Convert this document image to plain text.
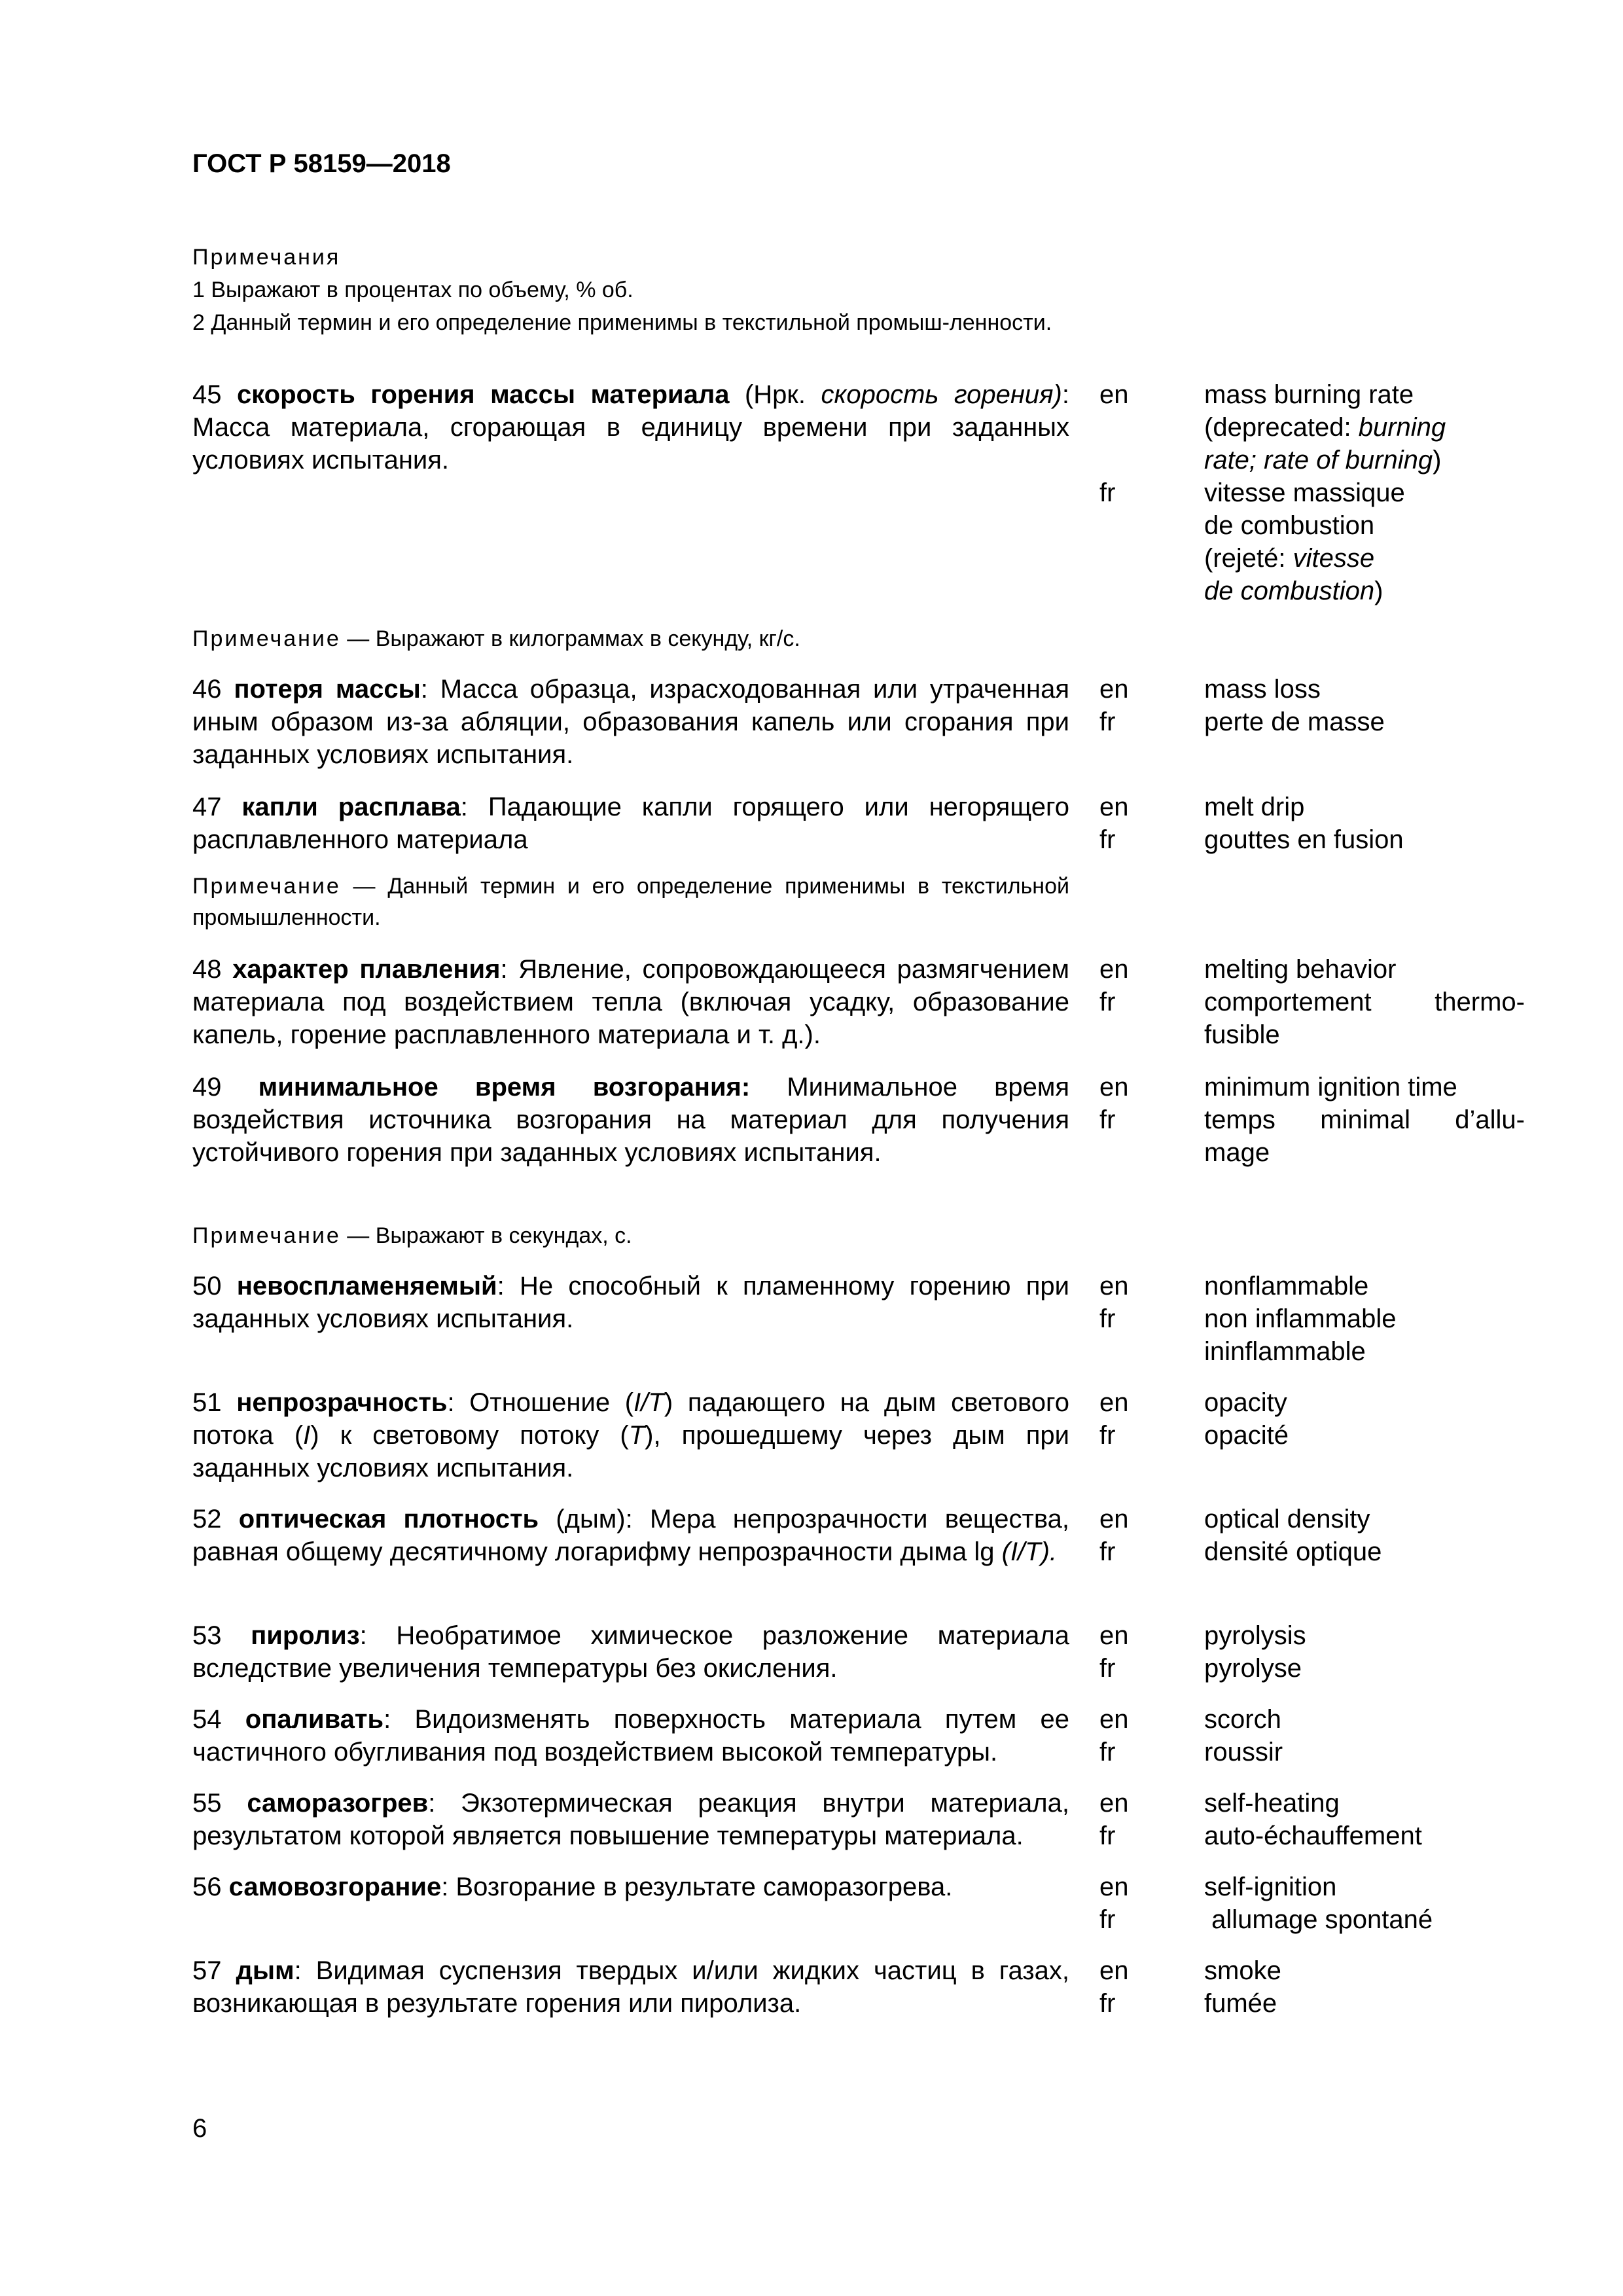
ГОСТ Р 58159—2018
Примечания
1 Выражают в процентах по объему, % об.
2 Данный термин и его определение применимы в текстильной промыш-ленности.
45 скорость горения массы материала (Нрк. скорость горения): Масса материала, сгорающая в единицу времени при заданных условиях испытания.
en
fr
mass burning rate
(deprecated: burning
rate; rate of burning)
vitesse massique
de combustion
(rejeté: vitesse
de combustion)
Примечание — Выражают в килограммах в секунду, кг/с.
46 потеря массы: Масса образца, израсходованная или утраченная иным образом из-за абляции, образования капель или сгорания при заданных условиях испытания.
en
fr
mass loss
perte de masse
47 капли расплава: Падающие капли горящего или негорящего расплавленного материала
en
fr
melt drip
gouttes en fusion
Примечание — Данный термин и его определение применимы в текстильной промышленности.
48 характер плавления: Явление, сопровождающееся размягчением материала под воздействием тепла (включая усадку, образование капель, горение расплавленного материала и т. д.).
en
fr
melting behavior
comportement thermo-
fusible
49 минимальное время возгорания: Минимальное время воздействия источника возгорания на материал для получения устойчивого горения при заданных условиях испытания.
en
fr
minimum ignition time
temps minimal d’allu-
mage
Примечание — Выражают в секундах, с.
50 невоспламеняемый: Не способный к пламенному горению при заданных условиях испытания.
en
fr
nonflammable
non inflammable
ininflammable
51 непрозрачность: Отношение (I/T) падающего на дым светового потока (I) к световому потоку (T), прошедшему через дым при заданных условиях испытания.
en
fr
opacity
opacité
52 оптическая плотность (дым): Мера непрозрачности вещества, равная общему десятичному логарифму непрозрачности дыма lg (I/T).
en
fr
optical density
densité optique
53 пиролиз: Необратимое химическое разложение материала вследствие увеличения температуры без окисления.
en
fr
pyrolysis
pyrolyse
54 опаливать: Видоизменять поверхность материала путем ее частичного обугливания под воздействием высокой температуры.
en
fr
scorch
roussir
55 саморазогрев: Экзотермическая реакция внутри материала, результатом которой является повышение температуры материала.
en
fr
self-heating
auto-échauffement
56 самовозгорание: Возгорание в результате саморазогрева.	en
fr
self-ignition
allumage spontané
57 дым: Видимая суспензия твердых и/или жидких частиц в газах, возникающая в результате горения или пиролиза.
en
fr
smoke
fumée
6
